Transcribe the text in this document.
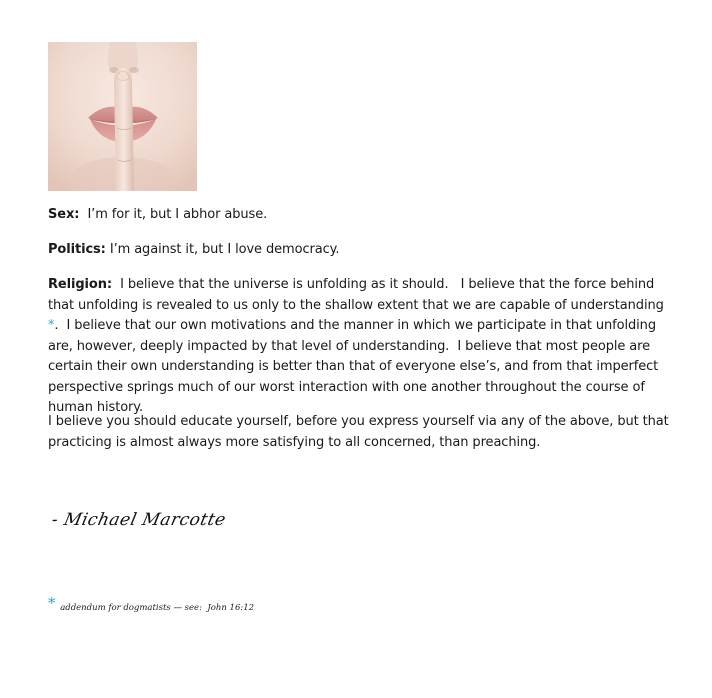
Sex:  I’m for it, but I abhor abuse.

Politics: I’m against it, but I love democracy.

Religion:  I believe that the universe is unfolding as it should.   I believe that the force behind that unfolding is revealed to us only to the shallow extent that we are capable of understanding *.  I believe that our own motivations and the manner in which we participate in that unfolding are, however, deeply impacted by that level of understanding.  I believe that most people are certain their own understanding is better than that of everyone else’s, and from that imperfect perspective springs much of our worst interaction with one another throughout the course of human history.

I believe you should educate yourself, before you express yourself via any of the above, but that practicing is almost always more satisfying to all concerned, than preaching.

- Michael Marcotte
* addendum for dogmatists — see:  John 16:12
